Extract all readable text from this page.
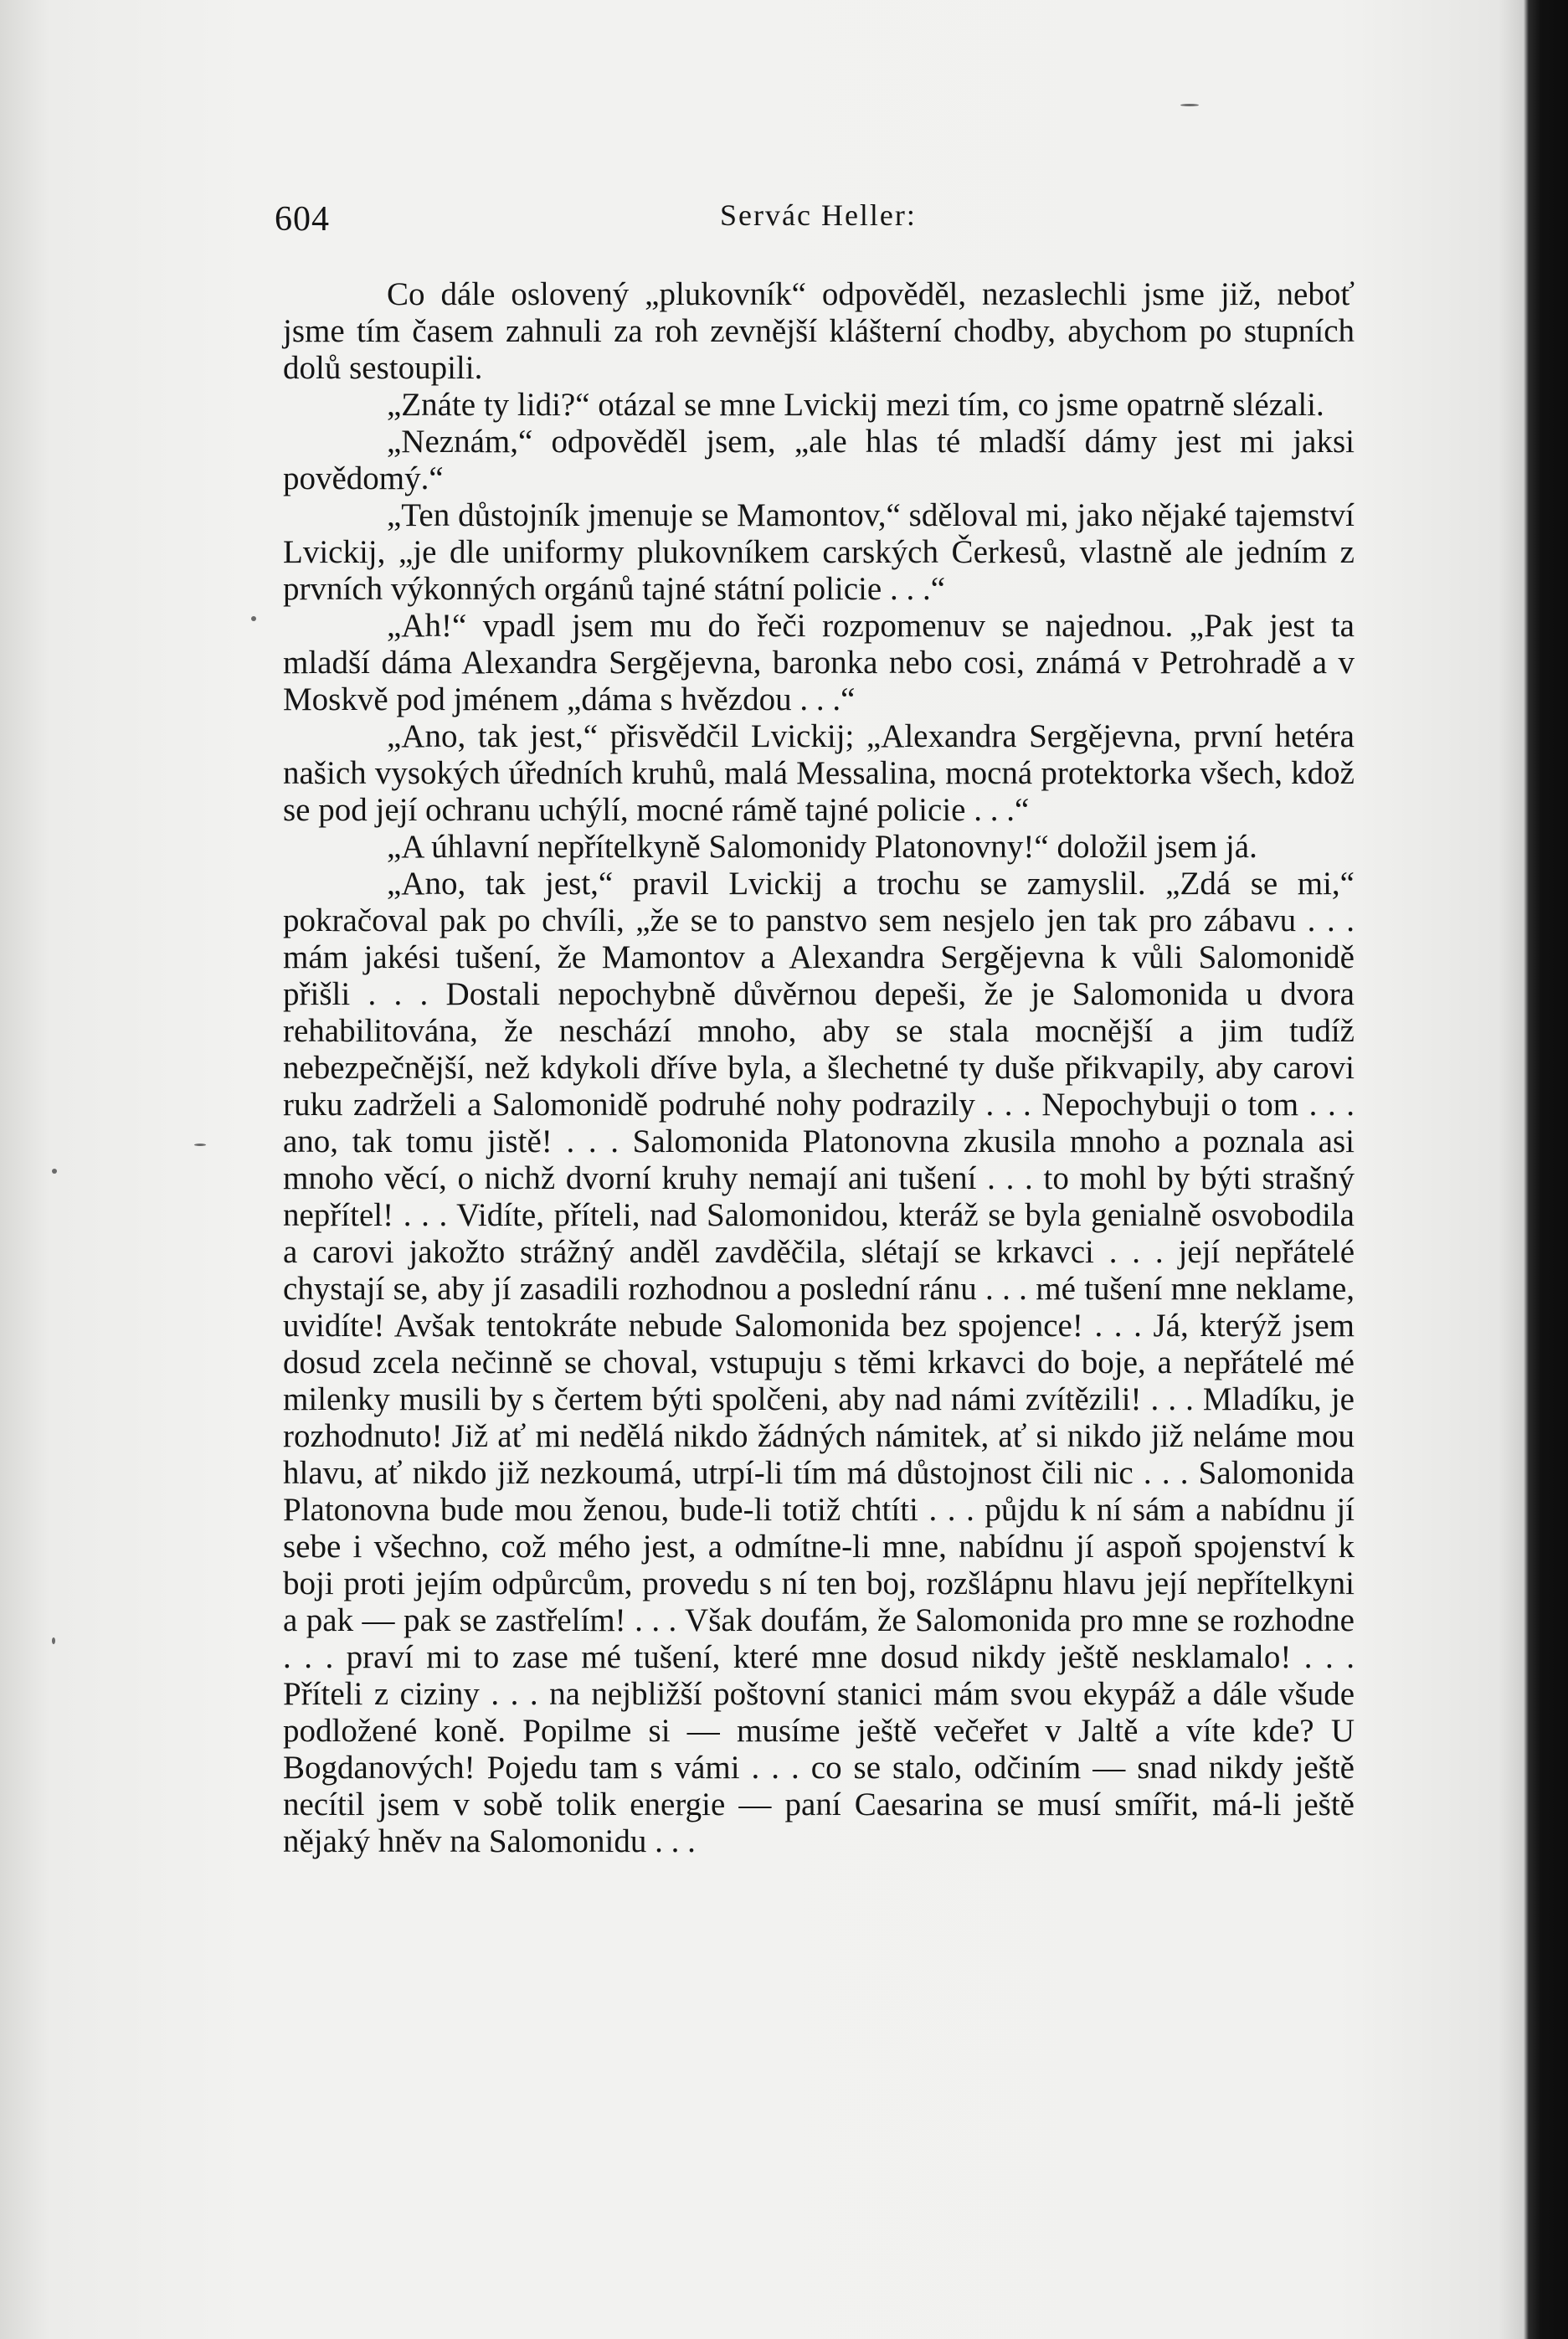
604	Servác Heller:

Co dále oslovený „plukovník“ odpověděl, nezaslechli jsme již, neboť jsme tím časem zahnuli za roh zevnější klášterní chodby, abychom po stupních dolů sestoupili.

„Znáte ty lidi?“ otázal se mne Lvickij mezi tím, co jsme opatrně slézali.

„Neznám,“ odpověděl jsem, „ale hlas té mladší dámy jest mi jaksi povědomý.“

„Ten důstojník jmenuje se Mamontov,“ sděloval mi, jako nějaké tajemství Lvickij, „je dle uniformy plukovníkem carských Čerkesů, vlastně ale jedním z prvních výkonných orgánů tajné státní policie . . .“

„Ah!“ vpadl jsem mu do řeči rozpomenuv se najednou. „Pak jest ta mladší dáma Alexandra Sergějevna, baronka nebo cosi, známá v Petrohradě a v Moskvě pod jménem „dáma s hvězdou . . .“

„Ano, tak jest,“ přisvědčil Lvickij; „Alexandra Sergějevna, první hetéra našich vysokých úředních kruhů, malá Messalina, mocná protektorka všech, kdož se pod její ochranu uchýlí, mocné rámě tajné policie . . .“

„A úhlavní nepřítelkyně Salomonidy Platonovny!“ doložil jsem já.

„Ano, tak jest,“ pravil Lvickij a trochu se zamyslil. „Zdá se mi,“ pokračoval pak po chvíli, „že se to panstvo sem nesjelo jen tak pro zábavu . . . mám jakési tušení, že Mamontov a Alexandra Sergějevna k vůli Salomonidě přišli . . . Dostali nepochybně důvěrnou depeši, že je Salomonida u dvora rehabilitována, že neschází mnoho, aby se stala mocnější a jim tudíž nebezpečnější, než kdykoli dříve byla, a šlechetné ty duše přikvapily, aby carovi ruku zadrželi a Salomonidě podruhé nohy podrazily . . . Nepochybuji o tom . . . ano, tak tomu jistě! . . . Salomonida Platonovna zkusila mnoho a poznala asi mnoho věcí, o nichž dvorní kruhy nemají ani tušení . . . to mohl by býti strašný nepřítel! . . . Vidíte, příteli, nad Salomonidou, kteráž se byla genialně osvobodila a carovi jakožto strážný anděl zavděčila, slétají se krkavci . . . její nepřátelé chystají se, aby jí zasadili rozhodnou a poslední ránu . . . mé tušení mne neklame, uvidíte! Avšak tentokráte nebude Salomonida bez spojence! . . . Já, kterýž jsem dosud zcela nečinně se choval, vstupuju s těmi krkavci do boje, a nepřátelé mé milenky musili by s čertem býti spolčeni, aby nad námi zvítězili! . . . Mladíku, je rozhodnuto! Již ať mi nedělá nikdo žádných námitek, ať si nikdo již neláme mou hlavu, ať nikdo již nezkoumá, utrpí-li tím má důstojnost čili nic . . . Salomonida Platonovna bude mou ženou, bude-li totiž chtíti . . . půjdu k ní sám a nabídnu jí sebe i všechno, což mého jest, a odmítne-li mne, nabídnu jí aspoň spojenství k boji proti jejím odpůrcům, provedu s ní ten boj, rozšlápnu hlavu její nepřítelkyni a pak — pak se zastřelím! . . . Však doufám, že Salomonida pro mne se rozhodne . . . praví mi to zase mé tušení, které mne dosud nikdy ještě nesklamalo! . . . Příteli z ciziny . . . na nejbližší poštovní stanici mám svou ekypáž a dále všude podložené koně. Popilme si — musíme ještě večeřet v Jaltě a víte kde? U Bogdanových! Pojedu tam s vámi . . . co se stalo, odčiním — snad nikdy ještě necítil jsem v sobě tolik energie — paní Caesarina se musí smířit, má-li ještě nějaký hněv na Salomonidu . . .
